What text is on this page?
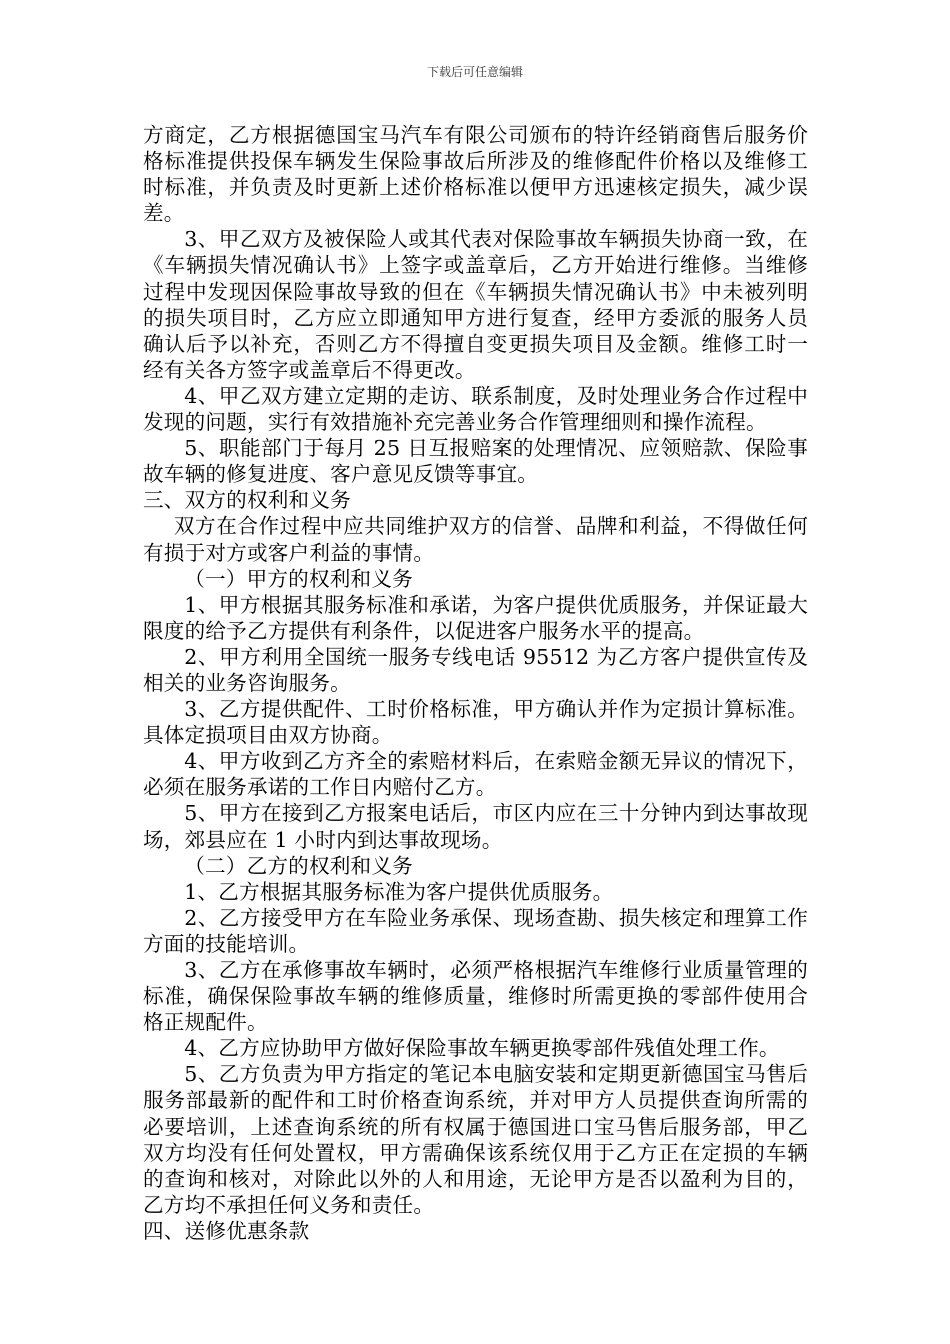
下载后可任意编辑

方商定，乙方根据德国宝马汽车有限公司颁布的特许经销商售后服务价格标准提供投保车辆发生保险事故后所涉及的维修配件价格以及维修工时标准，并负责及时更新上述价格标准以便甲方迅速核定损失，减少误差。

3、甲乙双方及被保险人或其代表对保险事故车辆损失协商一致，在《车辆损失情况确认书》上签字或盖章后，乙方开始进行维修。当维修过程中发现因保险事故导致的但在《车辆损失情况确认书》中未被列明的损失项目时，乙方应立即通知甲方进行复查，经甲方委派的服务人员确认后予以补充，否则乙方不得擅自变更损失项目及金额。维修工时一经有关各方签字或盖章后不得更改。

4、甲乙双方建立定期的走访、联系制度，及时处理业务合作过程中发现的问题，实行有效措施补充完善业务合作管理细则和操作流程。

5、职能部门于每月 25 日互报赔案的处理情况、应领赔款、保险事故车辆的修复进度、客户意见反馈等事宜。

三、双方的权利和义务

双方在合作过程中应共同维护双方的信誉、品牌和利益，不得做任何有损于对方或客户利益的事情。

（一）甲方的权利和义务

1、甲方根据其服务标准和承诺，为客户提供优质服务，并保证最大限度的给予乙方提供有利条件，以促进客户服务水平的提高。

2、甲方利用全国统一服务专线电话 95512 为乙方客户提供宣传及相关的业务咨询服务。

3、乙方提供配件、工时价格标准，甲方确认并作为定损计算标准。具体定损项目由双方协商。

4、甲方收到乙方齐全的索赔材料后，在索赔金额无异议的情况下，必须在服务承诺的工作日内赔付乙方。

5、甲方在接到乙方报案电话后，市区内应在三十分钟内到达事故现场，郊县应在 1 小时内到达事故现场。

（二）乙方的权利和义务

1、乙方根据其服务标准为客户提供优质服务。

2、乙方接受甲方在车险业务承保、现场查勘、损失核定和理算工作方面的技能培训。

3、乙方在承修事故车辆时，必须严格根据汽车维修行业质量管理的标准，确保保险事故车辆的维修质量，维修时所需更换的零部件使用合格正规配件。

4、乙方应协助甲方做好保险事故车辆更换零部件残值处理工作。

5、乙方负责为甲方指定的笔记本电脑安装和定期更新德国宝马售后服务部最新的配件和工时价格查询系统，并对甲方人员提供查询所需的必要培训，上述查询系统的所有权属于德国进口宝马售后服务部，甲乙双方均没有任何处置权，甲方需确保该系统仅用于乙方正在定损的车辆的查询和核对，对除此以外的人和用途，无论甲方是否以盈利为目的，乙方均不承担任何义务和责任。

四、送修优惠条款
